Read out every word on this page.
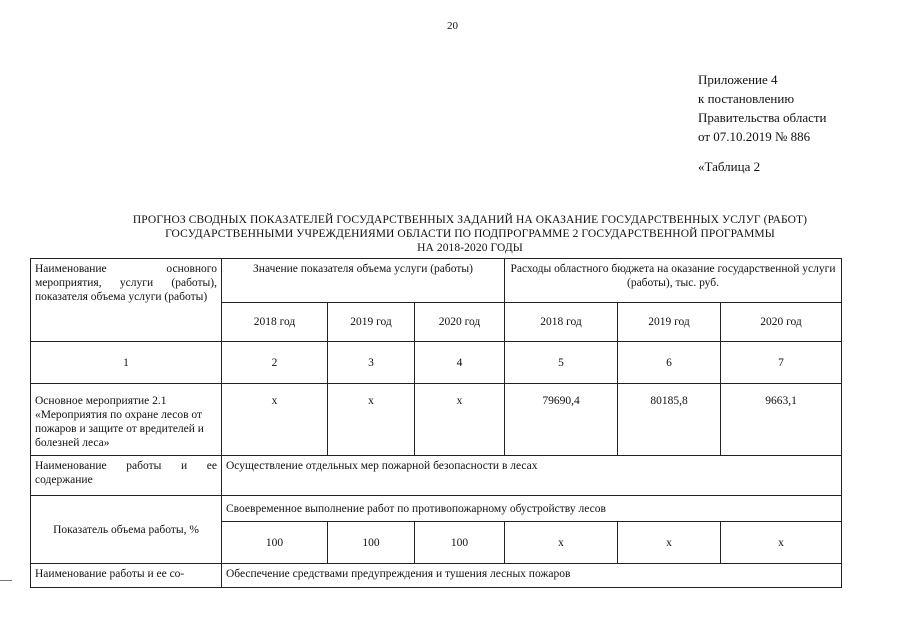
20
Приложение 4
к постановлению
Правительства области
от 07.10.2019 № 886
«Таблица 2
ПРОГНОЗ СВОДНЫХ ПОКАЗАТЕЛЕЙ ГОСУДАРСТВЕННЫХ ЗАДАНИЙ НА ОКАЗАНИЕ ГОСУДАРСТВЕННЫХ УСЛУГ (РАБОТ)
ГОСУДАРСТВЕННЫМИ УЧРЕЖДЕНИЯМИ ОБЛАСТИ ПО ПОДПРОГРАММЕ 2 ГОСУДАРСТВЕННОЙ ПРОГРАММЫ
НА 2018-2020 ГОДЫ
Наименование основного мероприятия, услуги (работы), показателя объема услуги (работы)	Значение показателя объема услуги (работы)			Расходы областного бюджета на оказание государственной услуги (работы), тыс. руб.		
	2018 год	2019 год	2020 год	2018 год	2019 год	2020 год
1	2	3	4	5	6	7
Основное мероприятие 2.1 «Мероприятия по охране лесов от пожаров и защите от вредителей и болезней леса»	х	х	х	79690,4	80185,8	9663,1
Наименование работы и ее содержание	Осуществление отдельных мер пожарной безопасности в лесах					
Показатель объема работы, %	Своевременное выполнение работ по противопожарному обустройству лесов					
	100	100	100	х	х	х
Наименование работы и ее со-	Обеспечение средствами предупреждения и тушения лесных пожаров					
